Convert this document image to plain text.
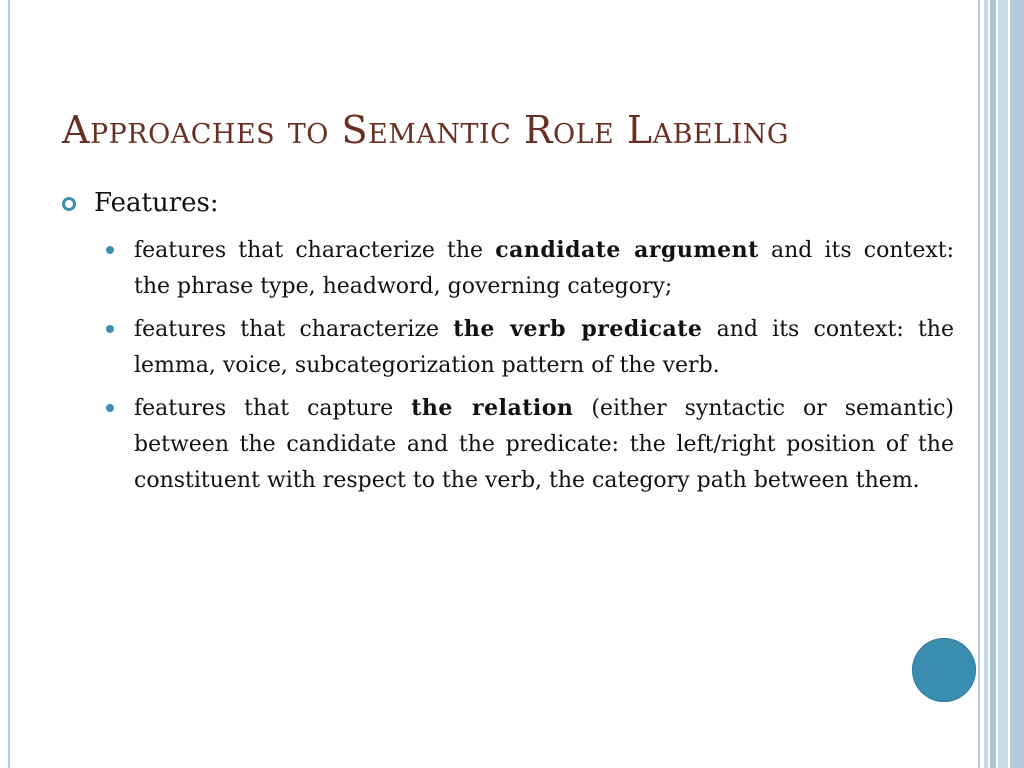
Approaches to Semantic Role Labeling
Features:

features that characterize the candidate argument and its context: the phrase type, headword, governing category;

features that characterize the verb predicate and its context: the lemma, voice, subcategorization pattern of the verb.

features that capture the relation (either syntactic or semantic) between the candidate and the predicate: the left/right position of the constituent with respect to the verb, the category path between them.
